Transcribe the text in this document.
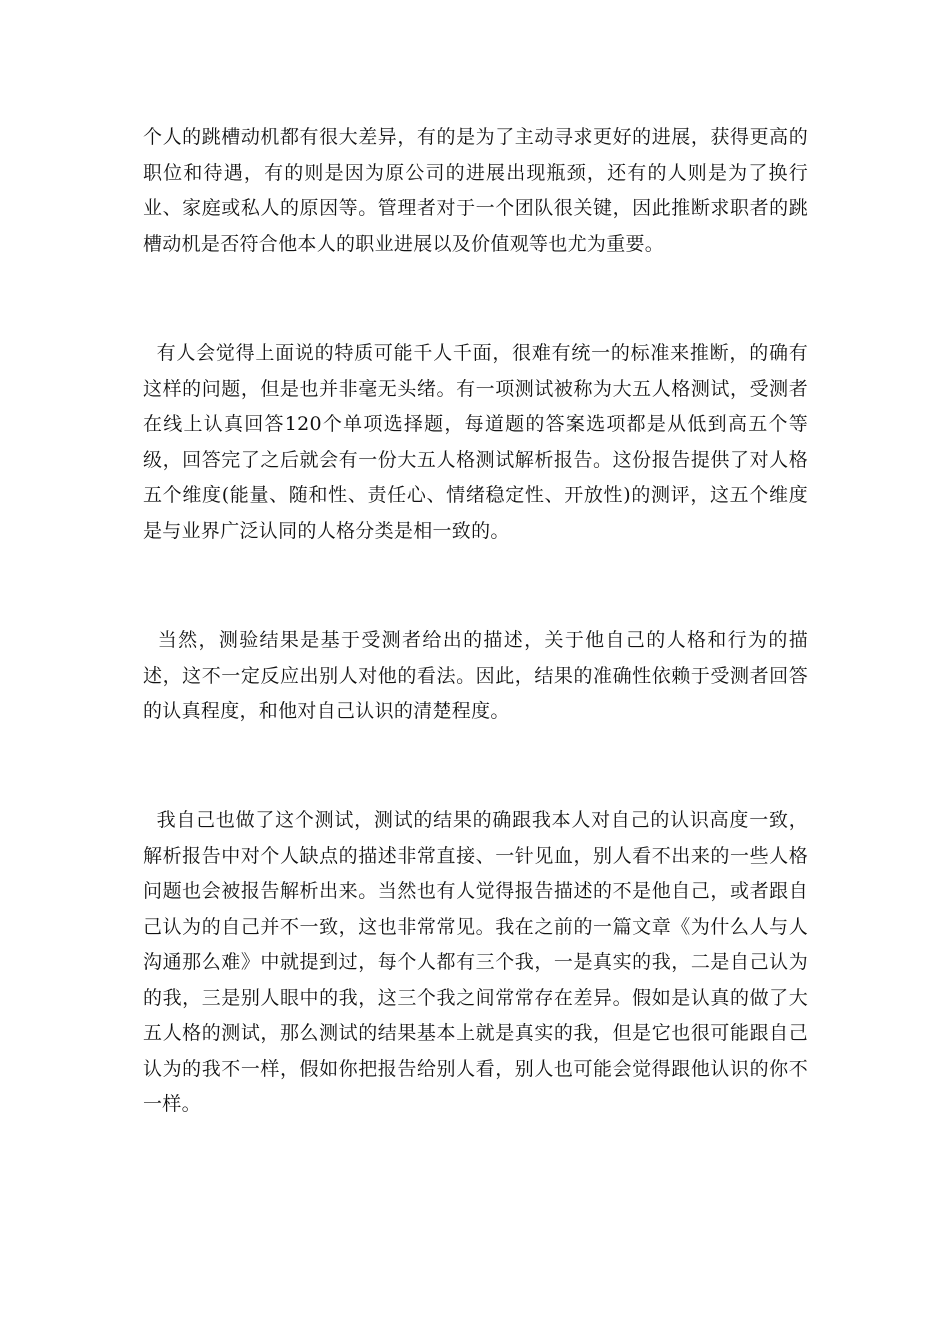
个人的跳槽动机都有很大差异，有的是为了主动寻求更好的进展，获得更高的职位和待遇，有的则是因为原公司的进展出现瓶颈，还有的人则是为了换行业、家庭或私人的原因等。管理者对于一个团队很关键，因此推断求职者的跳槽动机是否符合他本人的职业进展以及价值观等也尤为重要。

有人会觉得上面说的特质可能千人千面，很难有统一的标准来推断，的确有这样的问题，但是也并非毫无头绪。有一项测试被称为大五人格测试，受测者在线上认真回答120个单项选择题，每道题的答案选项都是从低到高五个等级，回答完了之后就会有一份大五人格测试解析报告。这份报告提供了对人格五个维度(能量、随和性、责任心、情绪稳定性、开放性)的测评，这五个维度是与业界广泛认同的人格分类是相一致的。

当然，测验结果是基于受测者给出的描述，关于他自己的人格和行为的描述，这不一定反应出别人对他的看法。因此，结果的准确性依赖于受测者回答的认真程度，和他对自己认识的清楚程度。

我自己也做了这个测试，测试的结果的确跟我本人对自己的认识高度一致，解析报告中对个人缺点的描述非常直接、一针见血，别人看不出来的一些人格问题也会被报告解析出来。当然也有人觉得报告描述的不是他自己，或者跟自己认为的自己并不一致，这也非常常见。我在之前的一篇文章《为什么人与人沟通那么难》中就提到过，每个人都有三个我，一是真实的我，二是自己认为的我，三是别人眼中的我，这三个我之间常常存在差异。假如是认真的做了大五人格的测试，那么测试的结果基本上就是真实的我，但是它也很可能跟自己认为的我不一样，假如你把报告给别人看，别人也可能会觉得跟他认识的你不一样。
